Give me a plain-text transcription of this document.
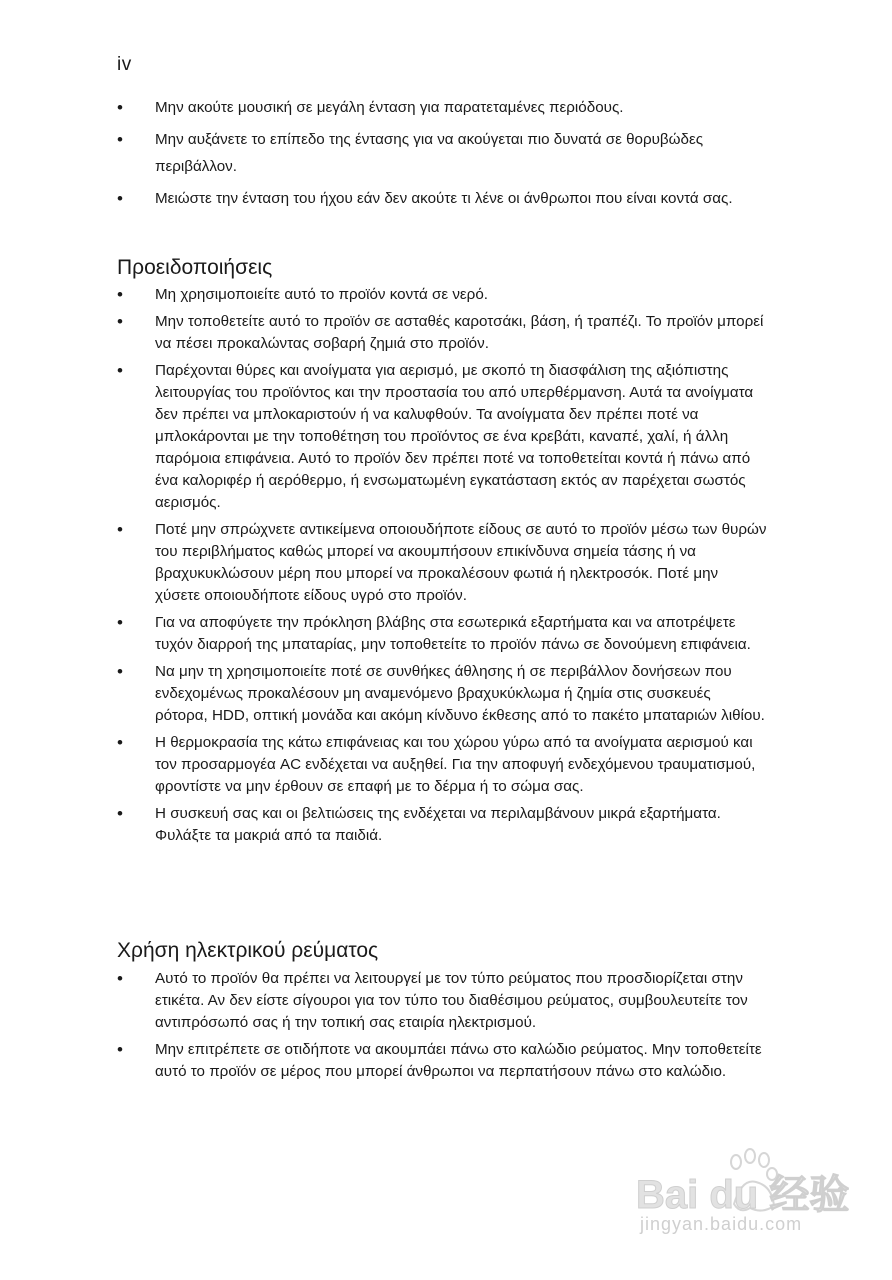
iv
• Μην ακούτε μουσική σε μεγάλη ένταση για παρατεταμένες περιόδους.
• Μην αυξάνετε το επίπεδο της έντασης για να ακούγεται πιο δυνατά σε θορυβώδες περιβάλλον.
• Μειώστε την ένταση του ήχου εάν δεν ακούτε τι λένε οι άνθρωποι που είναι κοντά σας.
Προειδοποιήσεις
• Μη χρησιμοποιείτε αυτό το προϊόν κοντά σε νερό.
• Μην τοποθετείτε αυτό το προϊόν σε ασταθές καροτσάκι, βάση, ή τραπέζι. Το προϊόν μπορεί να πέσει προκαλώντας σοβαρή ζημιά στο προϊόν.
• Παρέχονται θύρες και ανοίγματα για αερισμό, με σκοπό τη διασφάλιση της αξιόπιστης λειτουργίας του προϊόντος και την προστασία του από υπερθέρμανση. Αυτά τα ανοίγματα δεν πρέπει να μπλοκαριστούν ή να καλυφθούν. Τα ανοίγματα δεν πρέπει ποτέ να μπλοκάρονται με την τοποθέτηση του προϊόντος σε ένα κρεβάτι, καναπέ, χαλί, ή άλλη παρόμοια επιφάνεια. Αυτό το προϊόν δεν πρέπει ποτέ να τοποθετείται κοντά ή πάνω από ένα καλοριφέρ ή αερόθερμο, ή ενσωματωμένη εγκατάσταση εκτός αν παρέχεται σωστός αερισμός.
• Ποτέ μην σπρώχνετε αντικείμενα οποιουδήποτε είδους σε αυτό το προϊόν μέσω των θυρών του περιβλήματος καθώς μπορεί να ακουμπήσουν επικίνδυνα σημεία τάσης ή να βραχυκυκλώσουν μέρη που μπορεί να προκαλέσουν φωτιά ή ηλεκτροσόκ. Ποτέ μην χύσετε οποιουδήποτε είδους υγρό στο προϊόν.
• Για να αποφύγετε την πρόκληση βλάβης στα εσωτερικά εξαρτήματα και να αποτρέψετε τυχόν διαρροή της μπαταρίας, μην τοποθετείτε το προϊόν πάνω σε δονούμενη επιφάνεια.
• Να μην τη χρησιμοποιείτε ποτέ σε συνθήκες άθλησης ή σε περιβάλλον δονήσεων που ενδεχομένως προκαλέσουν μη αναμενόμενο βραχυκύκλωμα ή ζημία στις συσκευές ρότορα, HDD, οπτική μονάδα και ακόμη κίνδυνο έκθεσης από το πακέτο μπαταριών λιθίου.
• Η θερμοκρασία της κάτω επιφάνειας και του χώρου γύρω από τα ανοίγματα αερισμού και τον προσαρμογέα AC ενδέχεται να αυξηθεί. Για την αποφυγή ενδεχόμενου τραυματισμού, φροντίστε να μην έρθουν σε επαφή με το δέρμα ή το σώμα σας.
• Η συσκευή σας και οι βελτιώσεις της ενδέχεται να περιλαμβάνουν μικρά εξαρτήματα. Φυλάξτε τα μακριά από τα παιδιά.
Χρήση ηλεκτρικού ρεύματος
• Αυτό το προϊόν θα πρέπει να λειτουργεί με τον τύπο ρεύματος που προσδιορίζεται στην ετικέτα. Αν δεν είστε σίγουροι για τον τύπο του διαθέσιμου ρεύματος, συμβουλευτείτε τον αντιπρόσωπό σας ή την τοπική σας εταιρία ηλεκτρισμού.
• Μην επιτρέπετε σε οτιδήποτε να ακουμπάει πάνω στο καλώδιο ρεύματος. Μην τοποθετείτε αυτό το προϊόν σε μέρος που μπορεί άνθρωποι να περπατήσουν πάνω στο καλώδιο.
Bai du 经验
jingyan.baidu.com
